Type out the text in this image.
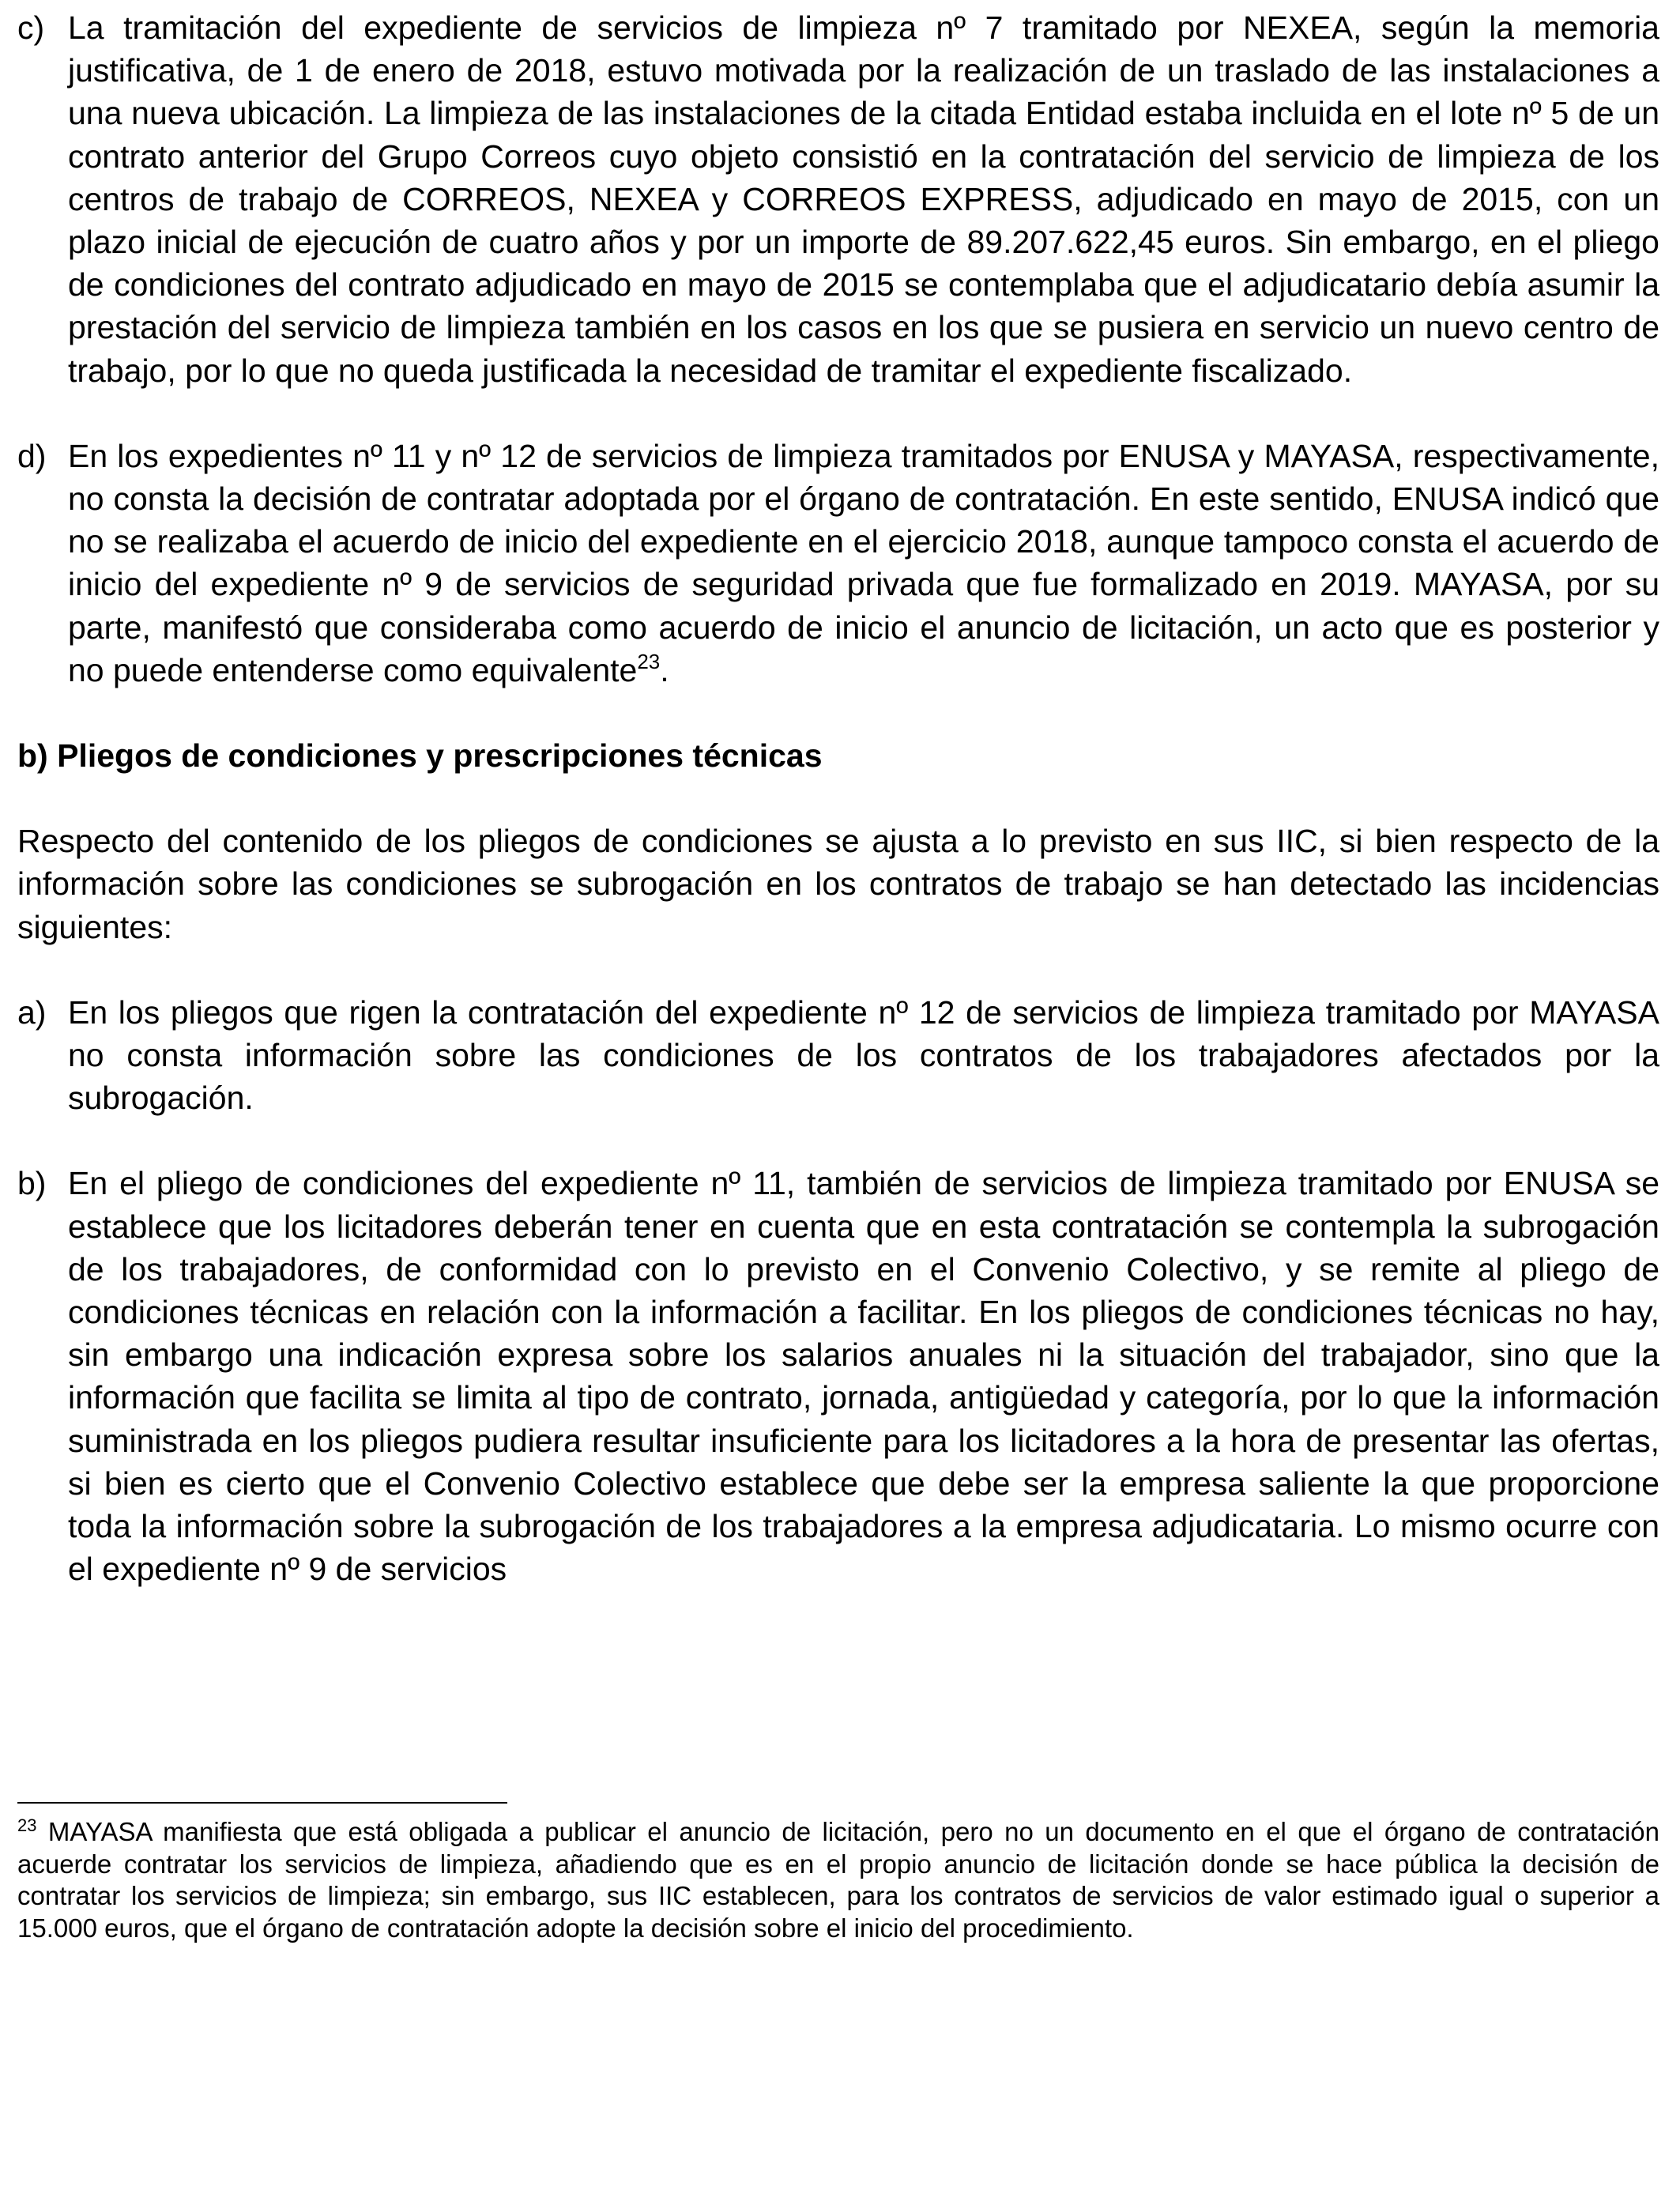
c) La tramitación del expediente de servicios de limpieza nº 7 tramitado por NEXEA, según la memoria justificativa, de 1 de enero de 2018, estuvo motivada por la realización de un traslado de las instalaciones a una nueva ubicación. La limpieza de las instalaciones de la citada Entidad estaba incluida en el lote nº 5 de un contrato anterior del Grupo Correos cuyo objeto consistió en la contratación del servicio de limpieza de los centros de trabajo de CORREOS, NEXEA y CORREOS EXPRESS, adjudicado en mayo de 2015, con un plazo inicial de ejecución de cuatro años y por un importe de 89.207.622,45 euros. Sin embargo, en el pliego de condiciones del contrato adjudicado en mayo de 2015 se contemplaba que el adjudicatario debía asumir la prestación del servicio de limpieza también en los casos en los que se pusiera en servicio un nuevo centro de trabajo, por lo que no queda justificada la necesidad de tramitar el expediente fiscalizado.

d) En los expedientes nº 11 y nº 12 de servicios de limpieza tramitados por ENUSA y MAYASA, respectivamente, no consta la decisión de contratar adoptada por el órgano de contratación. En este sentido, ENUSA indicó que no se realizaba el acuerdo de inicio del expediente en el ejercicio 2018, aunque tampoco consta el acuerdo de inicio del expediente nº 9 de servicios de seguridad privada que fue formalizado en 2019. MAYASA, por su parte, manifestó que consideraba como acuerdo de inicio el anuncio de licitación, un acto que es posterior y no puede entenderse como equivalente$^{23}$.

b) Pliegos de condiciones y prescripciones técnicas

Respecto del contenido de los pliegos de condiciones se ajusta a lo previsto en sus IIC, si bien respecto de la información sobre las condiciones se subrogación en los contratos de trabajo se han detectado las incidencias siguientes:

a) En los pliegos que rigen la contratación del expediente nº 12 de servicios de limpieza tramitado por MAYASA no consta información sobre las condiciones de los contratos de los trabajadores afectados por la subrogación.

b) En el pliego de condiciones del expediente nº 11, también de servicios de limpieza tramitado por ENUSA se establece que los licitadores deberán tener en cuenta que en esta contratación se contempla la subrogación de los trabajadores, de conformidad con lo previsto en el Convenio Colectivo, y se remite al pliego de condiciones técnicas en relación con la información a facilitar. En los pliegos de condiciones técnicas no hay, sin embargo una indicación expresa sobre los salarios anuales ni la situación del trabajador, sino que la información que facilita se limita al tipo de contrato, jornada, antigüedad y categoría, por lo que la información suministrada en los pliegos pudiera resultar insuficiente para los licitadores a la hora de presentar las ofertas, si bien es cierto que el Convenio Colectivo establece que debe ser la empresa saliente la que proporcione toda la información sobre la subrogación de los trabajadores a la empresa adjudicataria. Lo mismo ocurre con el expediente nº 9 de servicios

$^{23}$ MAYASA manifiesta que está obligada a publicar el anuncio de licitación, pero no un documento en el que el órgano de contratación acuerde contratar los servicios de limpieza, añadiendo que es en el propio anuncio de licitación donde se hace pública la decisión de contratar los servicios de limpieza; sin embargo, sus IIC establecen, para los contratos de servicios de valor estimado igual o superior a 15.000 euros, que el órgano de contratación adopte la decisión sobre el inicio del procedimiento.
